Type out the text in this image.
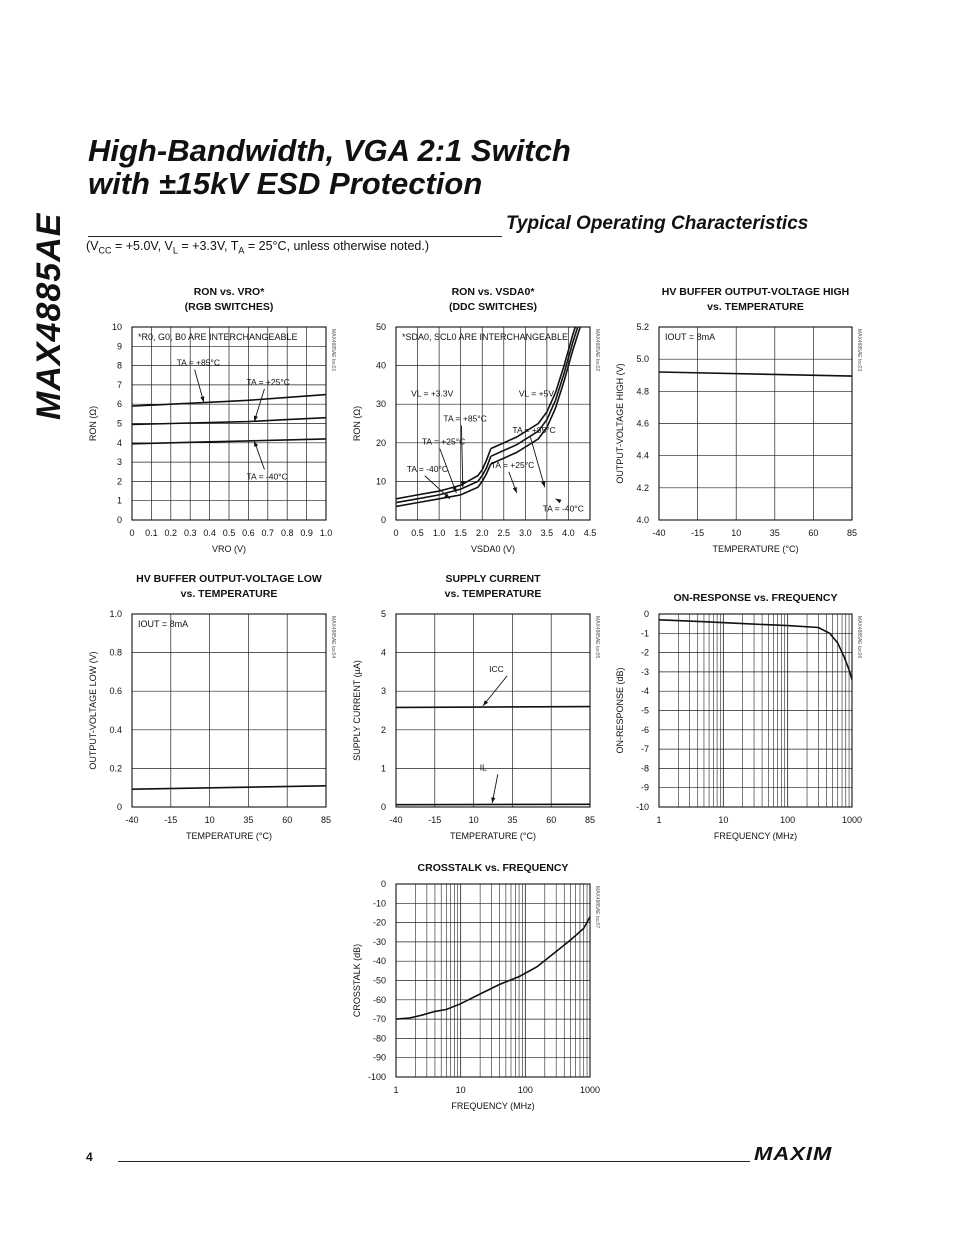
MAX4885AE
High-Bandwidth, VGA 2:1 Switch
with ±15kV ESD Protection
Typical Operating Characteristics
($V_{CC} = +5.0V$, $V_L = +3.3V$, $T_A = 25^\circ C$, unless otherwise noted.)
RON vs. VRO*
(RGB SWITCHES)
0 0.1 0.2 0.3 0.4 0.5 0.6 0.7 0.8 0.9 1.0
0
1
2
3
4
5
6
7
8
9
10
VRO (V)
RON (Ω)
MAX4885AE toc01
*R0, G0, B0 ARE INTERCHANGEABLE
TA = +85°C
TA = +25°C
TA = -40°C
RON vs. VSDA0*
(DDC SWITCHES)
0 0.5 1.0 1.5 2.0 2.5 3.0 3.5 4.0 4.5
0
10
20
30
40
50
VSDA0 (V)
RON (Ω)
MAX4885AE toc02
*SDA0, SCL0 ARE INTERCHANGEABLE
VL = +3.3V	VL = +5V
TA = +85°C
TA = +25°C
TA = -40°C
TA = +85°C
TA = +25°C
TA = -40°C
HV BUFFER OUTPUT-VOLTAGE HIGH
vs. TEMPERATURE
-40	-15	10	35	60	85
4.0
4.2
4.4
4.6
4.8
5.0
5.2
TEMPERATURE (°C)
OUTPUT-VOLTAGE HIGH (V)
MAX4885AE toc03
IOUT = 8mA
HV BUFFER OUTPUT-VOLTAGE LOW
vs. TEMPERATURE
-40	-15	10	35	60	85
0
0.2
0.4
0.6
0.8
1.0
TEMPERATURE (°C)
OUTPUT-VOLTAGE LOW (V)
MAX4885AE toc04
IOUT = 8mA
SUPPLY CURRENT
vs. TEMPERATURE
-40	-15	10	35	60	85
0
1
2
3
4
5
TEMPERATURE (°C)
SUPPLY CURRENT (µA)
MAX4885AE toc05
ICC
IL
ON-RESPONSE vs. FREQUENCY
1	10	100	1000
-10
-9
-8
-7
-6
-5
-4
-3
-2
-1
0
FREQUENCY (MHz)
ON-RESPONSE (dB)
MAX4885AE toc06
CROSSTALK vs. FREQUENCY
1	10	100	1000
-100
-90
-80
-70
-60
-50
-40
-30
-20
-10
0
FREQUENCY (MHz)
CROSSTALK (dB)
MAX4885AE toc07
4	MAXIM
